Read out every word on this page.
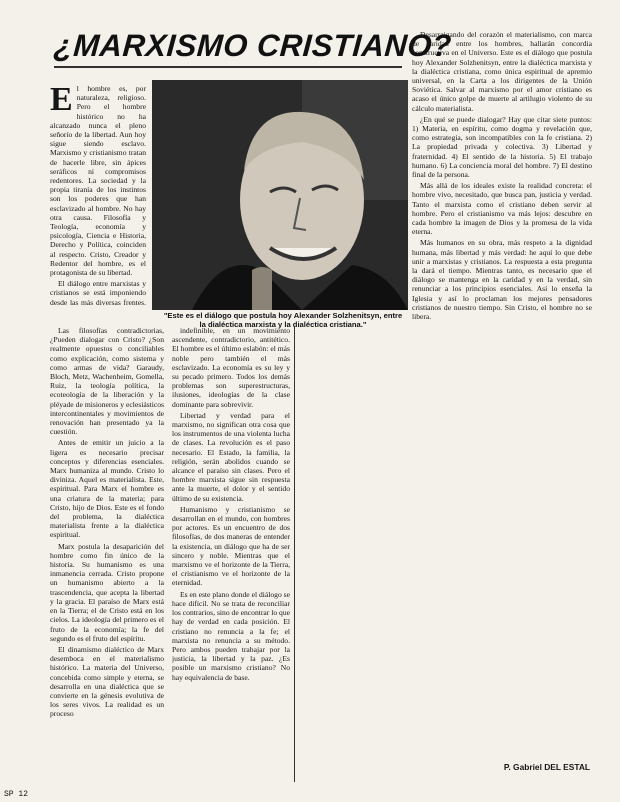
¿MARXISMO CRISTIANO?
E l hombre es, por naturaleza, religioso. Pero el hombre histórico no ha alcanzado nunca el pleno señorío de la libertad. Aun hoy sigue siendo esclavo. Marxismo y cristianismo tratan de hacerle libre, sin ápices seráficos ni compromisos redentores. La sociedad y la propia tiranía de los instintos son los poderes que han esclavizado al hombre. No hay otra causa. Filosofía y Teología, economía y psicología, Ciencia e Historia, Derecho y Política, coinciden al respecto. Cristo, Creador y Redentor del hombre, es el protagonista de su libertad.

El diálogo entre marxistas y cristianos se está imponiendo desde las más diversas frentes.

"Este es el diálogo que postula hoy Alexander Solzhenitsyn, entre la dialéctica marxista y la dialéctica cristiana."

Las filosofías contradictorias, ¿Pueden dialogar con Cristo? ¿Son realmente opuestos o conciliables como explicación, como sistema y como armas de vida? Garaudy, Bloch, Metz, Wachenheim, Gomella, Ruiz, la teología política, la ecoteología de la liberación y la pléyade de misioneros y eclesiásticos intercontinentales y movimientos de renovación han presentado ya la cuestión.

Antes de emitir un juicio a la ligera es necesario precisar conceptos y diferencias esenciales. Marx humaniza al mundo. Cristo lo diviniza. Aquel es materialista. Este, espiritual. Para Marx el hombre es una criatura de la materia; para Cristo, hijo de Dios. Este es el fondo del problema, la dialéctica materialista frente a la dialéctica espiritual.

Marx postula la desaparición del hombre como fin único de la historia. Su humanismo es una inmanencia cerrada. Cristo propone un humanismo abierto a la trascendencia, que acepta la libertad y la gracia. El paraíso de Marx está en la Tierra; el de Cristo está en los cielos. La ideología del primero es el fruto de la economía; la fe del segundo es el fruto del espíritu.

El dinamismo dialéctico de Marx desemboca en el materialismo histórico. La materia del Universo, concebida como simple y eterna, se desarrolla en una dialéctica que se convierte en la génesis evolutiva de los seres vivos. La realidad es un proceso

indefinible, en un movimiento ascendente, contradictorio, antitético. El hombre es el último eslabón: el más noble pero también el más esclavizado. La economía es su ley y su pecado primero. Todos los demás problemas son superestructuras, ilusiones, ideologías de la clase dominante para sobrevivir.

Libertad y verdad para el marxismo, no significan otra cosa que los instrumentos de una violenta lucha de clases. La revolución es el paso necesario. El Estado, la familia, la religión, serán abolidos cuando se alcance el paraíso sin clases. Pero el hombre marxista sigue sin respuesta ante la muerte, el dolor y el sentido último de su existencia.

Humanismo y cristianismo se desarrollan en el mundo, con hombres por actores. Es un encuentro de dos filosofías, de dos maneras de entender la existencia, un diálogo que ha de ser sincero y noble. Mientras que el marxismo ve el horizonte de la Tierra, el cristianismo ve el horizonte de la eternidad.

Es en este plano donde el diálogo se hace difícil. No se trata de reconciliar los contrarios, sino de encontrar lo que hay de verdad en cada posición. El cristiano no renuncia a la fe; el marxista no renuncia a su método. Pero ambos pueden trabajar por la justicia, la libertad y la paz. ¿Es posible un marxismo cristiano? No hay equivalencia de base.

Desarraigando del corazón el materialismo, con marca de caridad entre los hombres, hallarán concordia constructiva en el Universo. Este es el diálogo que postula hoy Alexander Solzhenitsyn, entre la dialéctica marxista y la dialéctica cristiana, como única espiritual de apremio universal, en la Carta a los dirigentes de la Unión Soviética. Salvar al marxismo por el amor cristiano es acaso el único golpe de muerte al artilugio violento de su cálculo materialista.

¿En qué se puede dialogar? Hay que citar siete puntos: 1) Materia, en espíritu, como dogma y revelación que, como estrategia, son incompatibles con la fe cristiana. 2) La propiedad privada y colectiva. 3) Libertad y fraternidad. 4) El sentido de la historia. 5) El trabajo humano. 6) La conciencia moral del hombre. 7) El destino final de la persona.

Más allá de los ideales existe la realidad concreta: el hombre vivo, necesitado, que busca pan, justicia y verdad. Tanto el marxista como el cristiano deben servir al hombre. Pero el cristianismo va más lejos: descubre en cada hombre la imagen de Dios y la promesa de la vida eterna.

Más humanos en su obra, más respeto a la dignidad humana, más libertad y más verdad: he aquí lo que debe unir a marxistas y cristianos. La respuesta a esta pregunta la dará el tiempo. Mientras tanto, es necesario que el diálogo se mantenga en la caridad y en la verdad, sin renunciar a los principios esenciales. Así lo enseña la Iglesia y así lo proclaman los mejores pensadores cristianos de nuestro tiempo. Sin Cristo, el hombre no se libera.

P. Gabriel DEL ESTAL
SP 12
